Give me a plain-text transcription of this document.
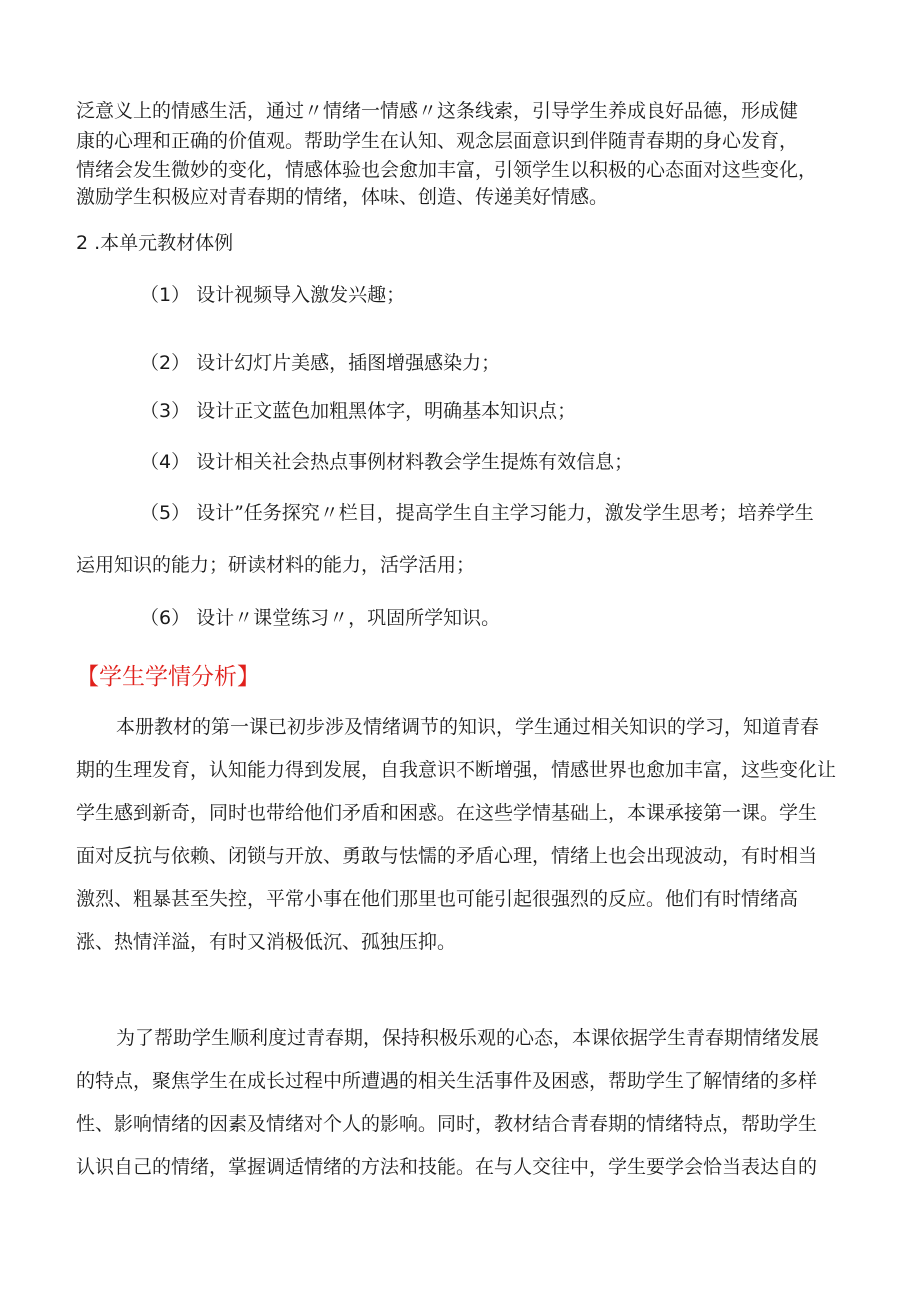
泛意义上的情感生活，通过〃情绪一情感〃这条线索，引导学生养成良好品德，形成健
康的心理和正确的价值观。帮助学生在认知、观念层面意识到伴随青春期的身心发育，
情绪会发生微妙的变化，情感体验也会愈加丰富，引领学生以积极的心态面对这些变化，
激励学生积极应对青春期的情绪，体味、创造、传递美好情感。
2 .本单元教材体例
（1） 设计视频导入激发兴趣；
（2） 设计幻灯片美感，插图增强感染力；
（3） 设计正文蓝色加粗黑体字，明确基本知识点；
（4） 设计相关社会热点事例材料教会学生提炼有效信息；
（5） 设计”任务探究〃栏目，提高学生自主学习能力，激发学生思考；培养学生
运用知识的能力；研读材料的能力，活学活用；
（6） 设计〃课堂练习〃，巩固所学知识。
【学生学情分析】
本册教材的第一课已初步涉及情绪调节的知识，学生通过相关知识的学习，知道青春
期的生理发育，认知能力得到发展，自我意识不断增强，情感世界也愈加丰富，这些变化让
学生感到新奇，同时也带给他们矛盾和困惑。在这些学情基础上，本课承接第一课。学生
面对反抗与依赖、闭锁与开放、勇敢与怯懦的矛盾心理，情绪上也会出现波动，有时相当
激烈、粗暴甚至失控，平常小事在他们那里也可能引起很强烈的反应。他们有时情绪高
涨、热情洋溢，有时又消极低沉、孤独压抑。
为了帮助学生顺利度过青春期，保持积极乐观的心态，本课依据学生青春期情绪发展
的特点，聚焦学生在成长过程中所遭遇的相关生活事件及困惑，帮助学生了解情绪的多样
性、影响情绪的因素及情绪对个人的影响。同时，教材结合青春期的情绪特点，帮助学生
认识自己的情绪，掌握调适情绪的方法和技能。在与人交往中，学生要学会恰当表达自的
